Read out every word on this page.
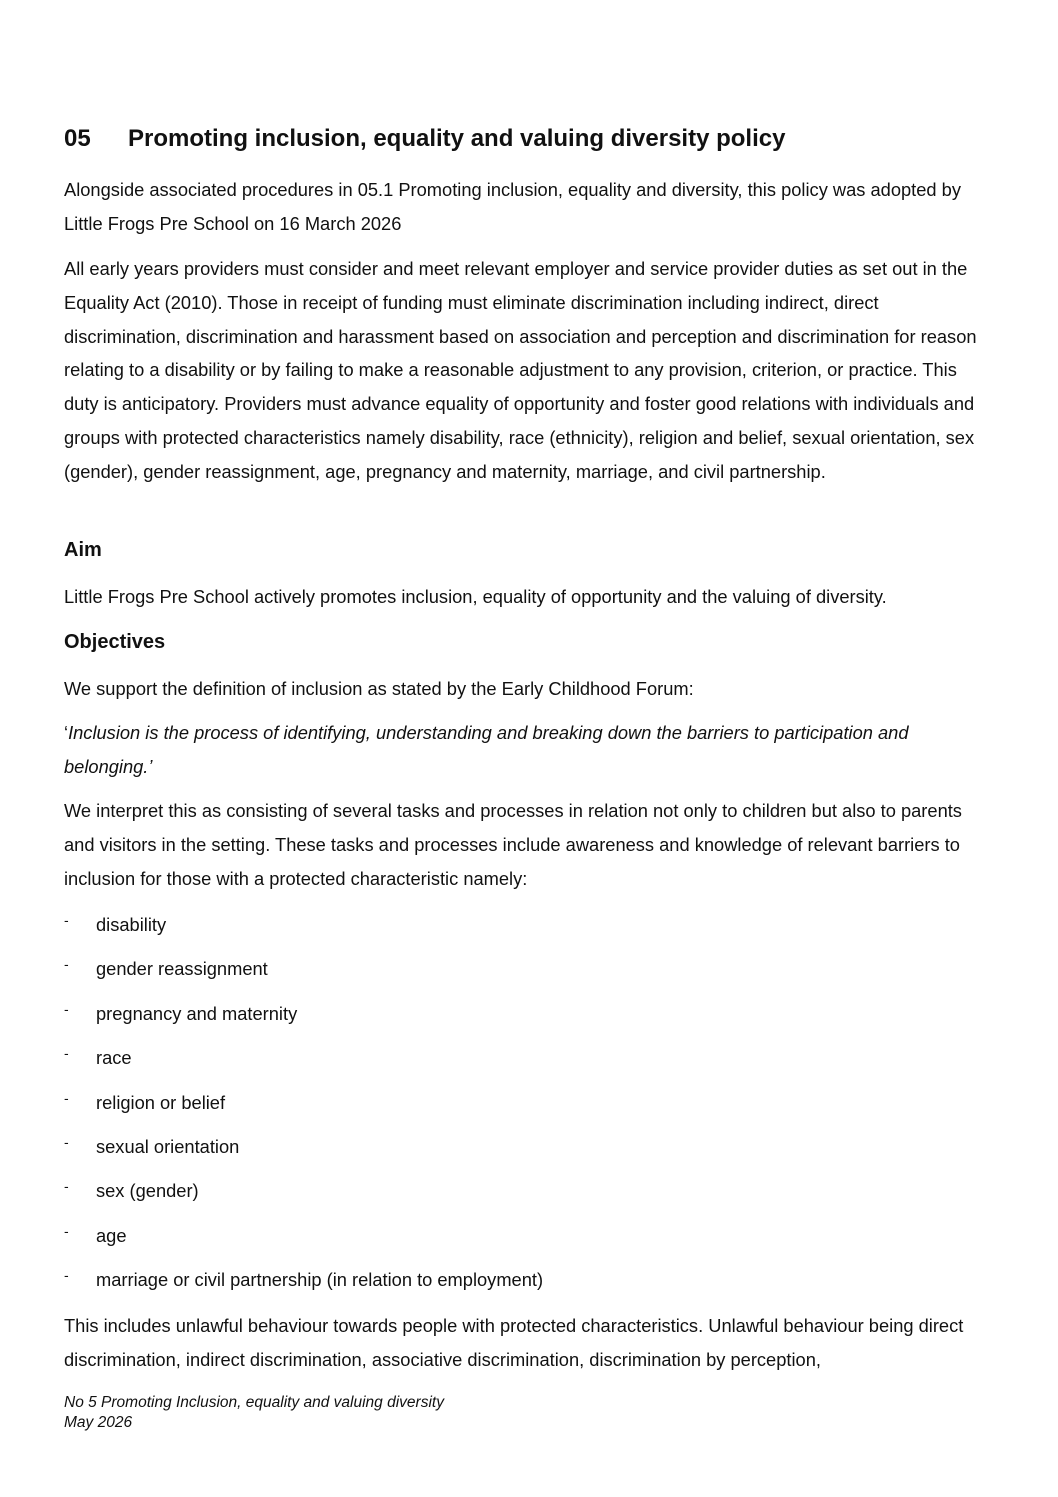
05 Promoting inclusion, equality and valuing diversity policy

Alongside associated procedures in 05.1 Promoting inclusion, equality and diversity, this policy was adopted by Little Frogs Pre School on 16 March 2026

All early years providers must consider and meet relevant employer and service provider duties as set out in the Equality Act (2010). Those in receipt of funding must eliminate discrimination including indirect, direct discrimination, discrimination and harassment based on association and perception and discrimination for reason relating to a disability or by failing to make a reasonable adjustment to any provision, criterion, or practice. This duty is anticipatory. Providers must advance equality of opportunity and foster good relations with individuals and groups with protected characteristics namely disability, race (ethnicity), religion and belief, sexual orientation, sex (gender), gender reassignment, age, pregnancy and maternity, marriage, and civil partnership.

Aim

Little Frogs Pre School actively promotes inclusion, equality of opportunity and the valuing of diversity.

Objectives

We support the definition of inclusion as stated by the Early Childhood Forum:

‘Inclusion is the process of identifying, understanding and breaking down the barriers to participation and belonging.’

We interpret this as consisting of several tasks and processes in relation not only to children but also to parents and visitors in the setting. These tasks and processes include awareness and knowledge of relevant barriers to inclusion for those with a protected characteristic namely:

- disability
- gender reassignment
- pregnancy and maternity
- race
- religion or belief
- sexual orientation
- sex (gender)
- age
- marriage or civil partnership (in relation to employment)

This includes unlawful behaviour towards people with protected characteristics. Unlawful behaviour being direct discrimination, indirect discrimination, associative discrimination, discrimination by perception,

No 5 Promoting Inclusion, equality and valuing diversity
May 2026
